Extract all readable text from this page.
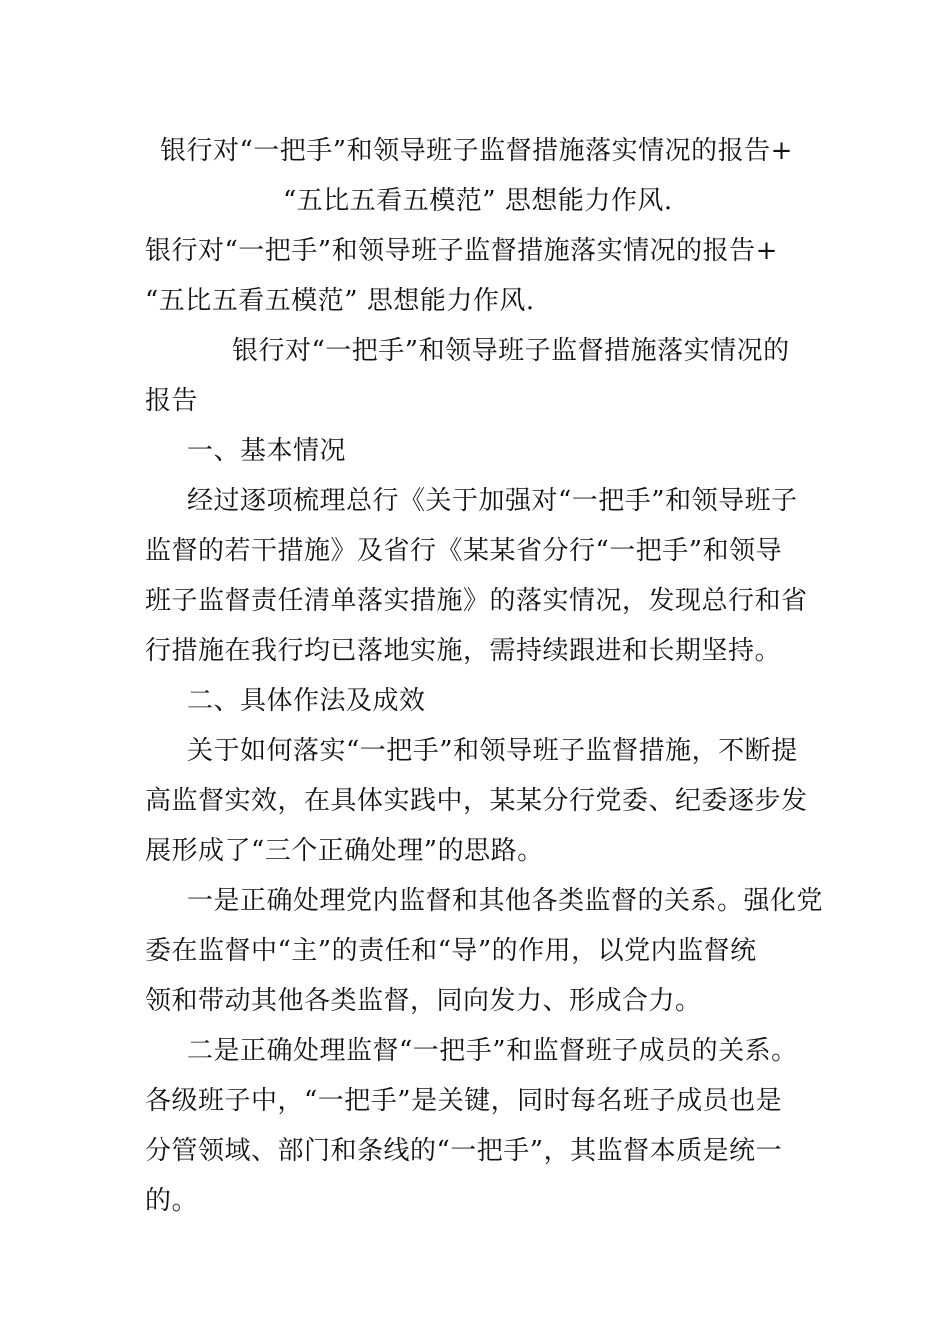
银行对“一把手”和领导班子监督措施落实情况的报告+
“五比五看五模范” 思想能力作风.
银行对“一把手”和领导班子监督措施落实情况的报告+
“五比五看五模范” 思想能力作风.
银行对“一把手”和领导班子监督措施落实情况的
报告
一、基本情况
经过逐项梳理总行《关于加强对“一把手”和领导班子
监督的若干措施》及省行《某某省分行“一把手”和领导
班子监督责任清单落实措施》的落实情况，发现总行和省
行措施在我行均已落地实施，需持续跟进和长期坚持。
二、具体作法及成效
关于如何落实“一把手”和领导班子监督措施，不断提
高监督实效，在具体实践中，某某分行党委、纪委逐步发
展形成了“三个正确处理”的思路。
一是正确处理党内监督和其他各类监督的关系。强化党
委在监督中“主”的责任和“导”的作用，以党内监督统
领和带动其他各类监督，同向发力、形成合力。
二是正确处理监督“一把手”和监督班子成员的关系。
各级班子中，“一把手”是关键，同时每名班子成员也是
分管领域、部门和条线的“一把手”，其监督本质是统一
的。
